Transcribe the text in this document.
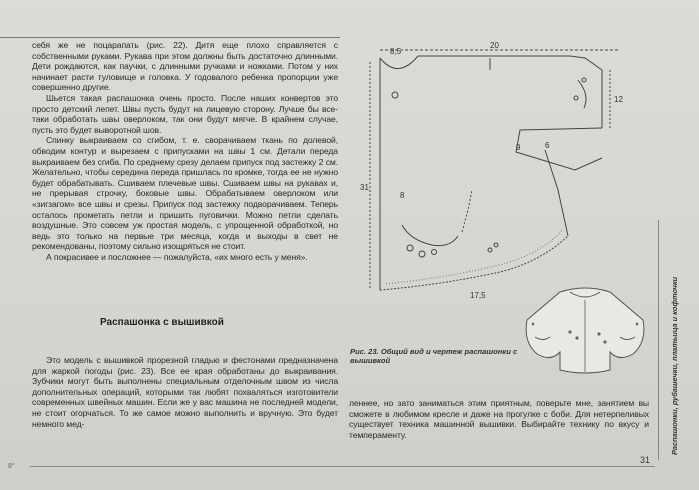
себя же не поцарапать (рис. 22). Дитя еще плохо справляется с собственными руками. Рукава при этом должны быть достаточно длинными. Дети рождаются, как паучки, с длинными ручками и ножками. Потом у них начинает расти туловище и головка. У годовалого ребенка пропорции уже совершенно другие.

Шьется такая распашонка очень просто. После наших конвертов это просто детский лепет. Швы пусть будут на лицевую сторону. Лучше бы все-таки обработать швы оверлоком, так они будут мягче. В крайнем случае, пусть это будет выворотной шов.

Спинку выкраиваем со сгибом, т. е. сворачиваем ткань по долевой, обводим контур и вырезаем с припусками на швы 1 см. Детали переда выкраиваем без сгиба. По среднему срезу делаем припуск под застежку 2 см. Желательно, чтобы середина переда пришлась по кромке, тогда ее не нужно будет обрабатывать. Сшиваем плечевые швы. Сшиваем швы на рукавах и, не прерывая строчку, боковые швы. Обрабатываем оверлоком или «зигзагом» все швы и срезы. Припуск под застежку подворачиваем. Теперь осталось прометать петли и пришить пуговички. Можно петли сделать воздушные. Это совсем уж простая модель, с упрощенной обработкой, но ведь это только на первые три месяца, когда и выходы в свет не рекомендованы, поэтому сильно изощряться не стоит.

А покрасивее и посложнее — пожалуйста, «их много есть у меня».

Распашонка с вышивкой

Это модель с вышивкой прорезной гладью и фестонами предназначена для жаркой погоды (рис. 23). Все ее края обработаны до выкраивания. Зубчики могут быть выполнены специальным отделочным швом из числа дополнительных операций, которыми так любят похваляться изготовители современных швейных машин. Если же у вас машина не последней модели, не стоит огорчаться. То же самое можно выполнить и вручную. Это будет немного мед-

20
8,5
12
6
9
31
17,5
8
Рис. 23. Общий вид и чертеж распашонки с вышивкой

леннее, но зато заниматься этим приятным, поверьте мне, занятием вы сможете в любимом кресле и даже на прогулке с боби. Для нетерпеливых существует техника машинной вышивки. Выбирайте технику по вкусу и темпераменту.	Распашонки, рубашечки, платьица и кофточки
31
8°
